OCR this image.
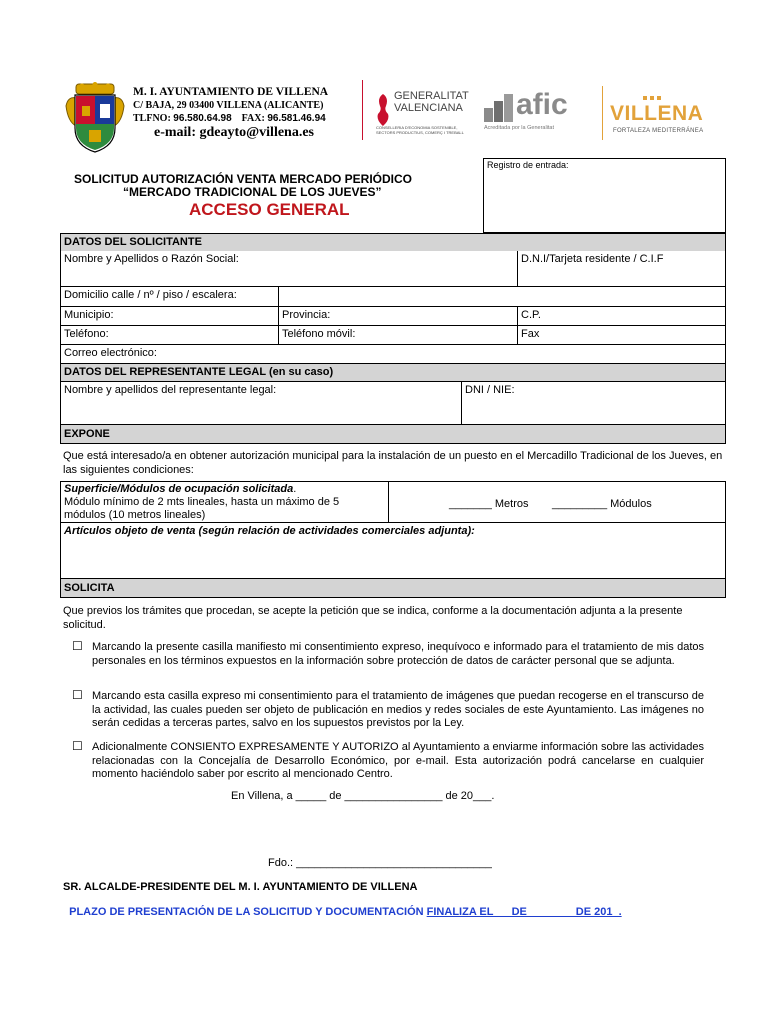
M. I. AYUNTAMIENTO DE VILLENA
C/ BAJA, 29 03400 VILLENA (ALICANTE)
TLFNO: 96.580.64.98 FAX: 96.581.46.94
e-mail: gdeayto@villena.es
GENERALITAT
VALENCIANA
CONSELLERIA D'ECONOMIA SOSTENIBLE,
SECTORS PRODUCTIUS, COMERÇ I TREBALL
afic
Acreditada por la Generalitat
VILLENA
FORTALEZA MEDITERRÁNEA
SOLICITUD AUTORIZACIÓN VENTA MERCADO PERIÓDICO
“MERCADO TRADICIONAL DE LOS JUEVES”
ACCESO GENERAL
Registro de entrada:
DATOS DEL SOLICITANTE
Nombre y Apellidos o Razón Social:	D.N.I/Tarjeta residente / C.I.F
Domicilio calle / nº / piso / escalera:
Municipio:	Provincia:	C.P.
Teléfono:	Teléfono móvil:	Fax
Correo electrónico:
DATOS DEL REPRESENTANTE LEGAL (en su caso)
Nombre y apellidos del representante legal:	DNI / NIE:
EXPONE
Que está interesado/a en obtener autorización municipal para la instalación de un puesto en el Mercadillo Tradicional de los Jueves, en las siguientes condiciones:
Superficie/Módulos de ocupación solicitada.
Módulo mínimo de 2 mts lineales, hasta un máximo de 5
módulos (10 metros lineales)
_______ Metros _________ Módulos
Artículos objeto de venta (según relación de actividades comerciales adjunta):
SOLICITA
Que previos los trámites que procedan, se acepte la petición que se indica, conforme a la documentación adjunta a la presente solicitud.
☐ Marcando la presente casilla manifiesto mi consentimiento expreso, inequívoco e informado para el tratamiento de mis datos personales en los términos expuestos en la información sobre protección de datos de carácter personal que se adjunta.
☐ Marcando esta casilla expreso mi consentimiento para el tratamiento de imágenes que puedan recogerse en el transcurso de la actividad, las cuales pueden ser objeto de publicación en medios y redes sociales de este Ayuntamiento. Las imágenes no serán cedidas a terceras partes, salvo en los supuestos previstos por la Ley.
☐ Adicionalmente CONSIENTO EXPRESAMENTE Y AUTORIZO al Ayuntamiento a enviarme información sobre las actividades relacionadas con la Concejalía de Desarrollo Económico, por e-mail. Esta autorización podrá cancelarse en cualquier momento haciéndolo saber por escrito al mencionado Centro.
En Villena, a _____ de ________________ de 20___.
Fdo.: ________________________________
SR. ALCALDE-PRESIDENTE DEL M. I. AYUNTAMIENTO DE VILLENA

PLAZO DE PRESENTACIÓN DE LA SOLICITUD Y DOCUMENTACIÓN FINALIZA EL      DE                DE 201  .
